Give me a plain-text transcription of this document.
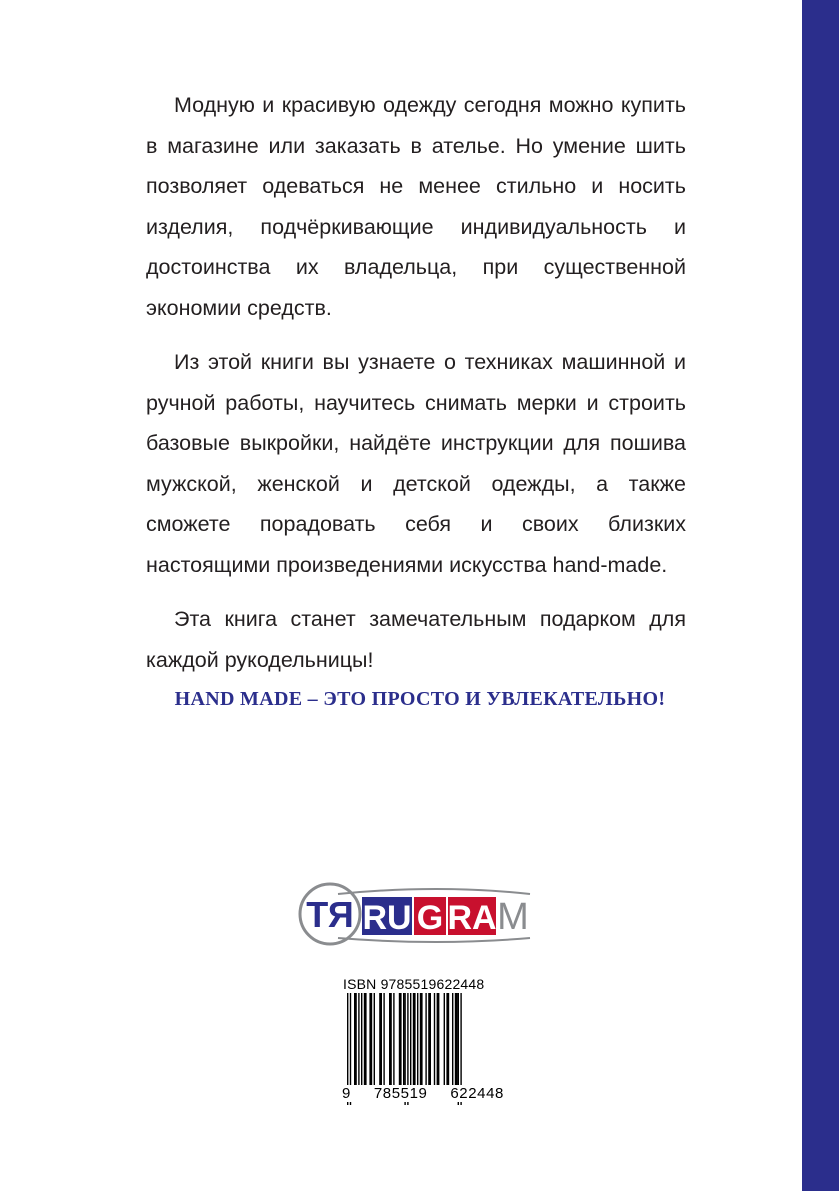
Модную и красивую одежду сегодня можно купить в магазине или заказать в ателье. Но умение шить позволяет одеваться не менее стильно и носить изделия, подчёркивающие индивидуальность и достоинства их владельца, при существенной экономии средств.

Из этой книги вы узнаете о техниках машинной и ручной работы, научитесь снимать мерки и строить базовые выкройки, найдёте инструкции для пошива мужской, женской и детской одежды, а также сможете порадовать себя и своих близких настоящими произведениями искусства hand-made.

Эта книга станет замечательным подарком для каждой рукодельницы!

HAND MADE – ЭТО ПРОСТО И УВЛЕКАТЕЛЬНО!
ТЯ RU G RA M
ISBN 9785519622448
9 785519 622448
